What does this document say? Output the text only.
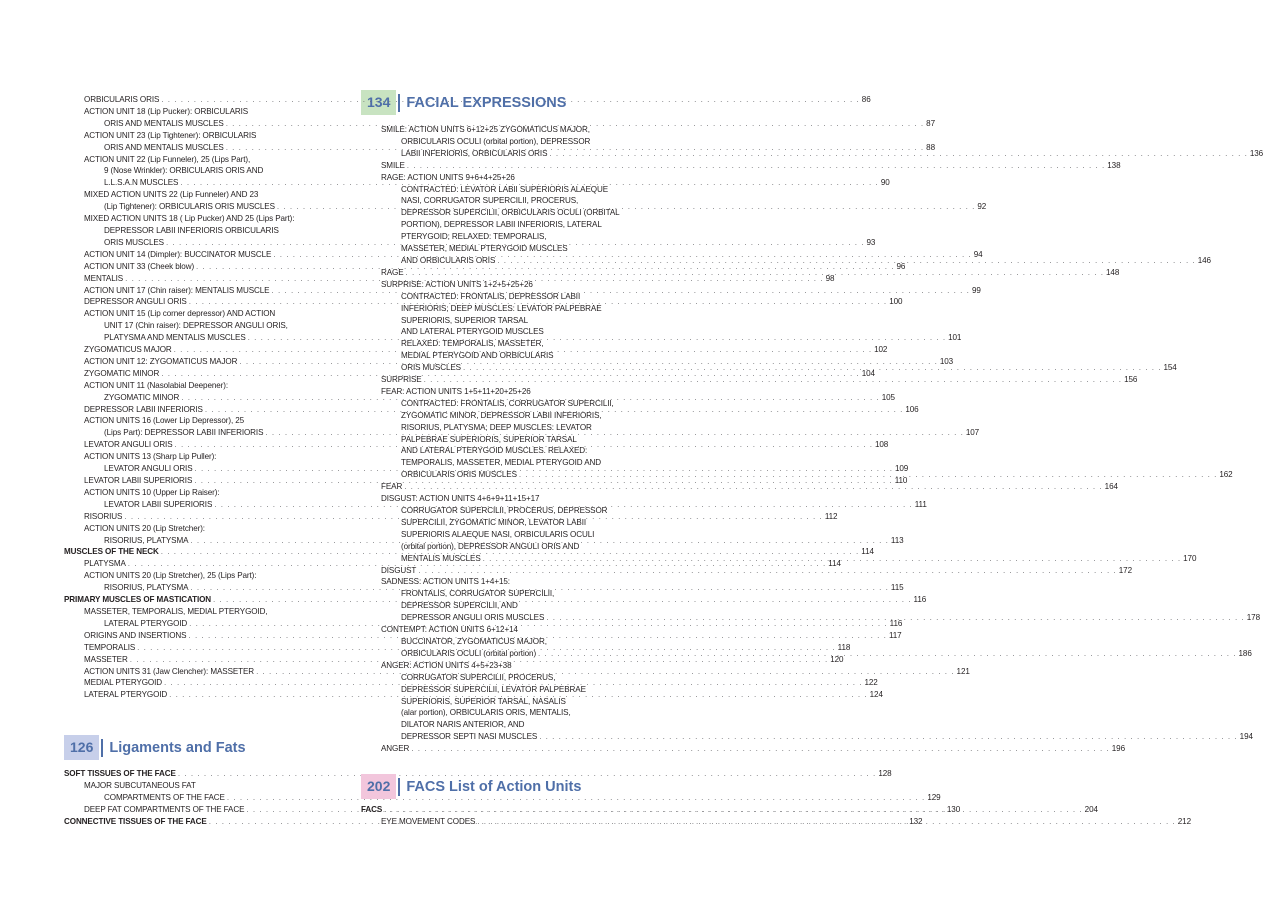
134	FACIAL EXPRESSIONS
ORBICULARIS ORIS . . .	86
ACTION UNIT 18 (Lip Pucker): ORBICULARIS
ORIS AND MENTALIS MUSCLES . . .	87
ACTION UNIT 23 (Lip Tightener): ORBICULARIS
ORIS AND MENTALIS MUSCLES . . .	88
ACTION UNIT 22 (Lip Funneler), 25 (Lips Part),
9 (Nose Wrinkler): ORBICULARIS ORIS AND
L.L.S.A.N MUSCLES . . .	90
MIXED ACTION UNITS 22 (Lip Funneler) AND 23
(Lip Tightener): ORBICULARIS ORIS MUSCLES . . .	92
MIXED ACTION UNITS 18 ( Lip Pucker) AND 25 (Lips Part):
DEPRESSOR LABII INFERIORIS ORBICULARIS
ORIS MUSCLES . . .	93
ACTION UNIT 14 (Dimpler): BUCCINATOR MUSCLE . . .	94
ACTION UNIT 33 (Cheek blow) . . .	96
MENTALIS . . .	98
ACTION UNIT 17 (Chin raiser): MENTALIS MUSCLE . . .	99
DEPRESSOR ANGULI ORIS . . .	100
ACTION UNIT 15 (Lip corner depressor) AND ACTION
UNIT 17 (Chin raiser): DEPRESSOR ANGULI ORIS,
PLATYSMA AND MENTALIS MUSCLES . . .	101
ZYGOMATICUS MAJOR . . .	102
ACTION UNIT 12: ZYGOMATICUS MAJOR . . .	103
ZYGOMATIC MINOR . . .	104
ACTION UNIT 11 (Nasolabial Deepener):
ZYGOMATIC MINOR . . .	105
DEPRESSOR LABII INFERIORIS . . .	106
ACTION UNITS 16 (Lower Lip Depressor), 25
(Lips Part): DEPRESSOR LABII INFERIORIS . . .	107
LEVATOR ANGULI ORIS . . .	108
ACTION UNITS 13 (Sharp Lip Puller):
LEVATOR ANGULI ORIS . . .	109
LEVATOR LABII SUPERIORIS . . .	110
ACTION UNITS 10 (Upper Lip Raiser):
LEVATOR LABII SUPERIORIS . . .	111
RISORIUS . . .	112
ACTION UNITS 20 (Lip Stretcher):
RISORIUS, PLATYSMA . . .	113
MUSCLES OF THE NECK . . .	114
PLATYSMA . . .	114
ACTION UNITS 20 (Lip Stretcher), 25 (Lips Part):
RISORIUS, PLATYSMA . . .	115
PRIMARY MUSCLES OF MASTICATION . . .	116
MASSETER, TEMPORALIS, MEDIAL PTERYGOID,
LATERAL PTERYGOID . . .	116
ORIGINS AND INSERTIONS . . .	117
TEMPORALIS . . .	118
MASSETER . . .	120
ACTION UNITS 31 (Jaw Clencher): MASSETER . . .	121
MEDIAL PTERYGOID . . .	122
LATERAL PTERYGOID . . .	124
126	Ligaments and Fats
SOFT TISSUES OF THE FACE . . .	128
MAJOR SUBCUTANEOUS FAT
COMPARTMENTS OF THE FACE . . .	129
DEEP FAT COMPARTMENTS OF THE FACE . . .	130
CONNECTIVE TISSUES OF THE FACE . . .	132
SMILE: ACTION UNITS 6+12+25 ZYGOMATICUS MAJOR,
ORBICULARIS OCULI (orbital portion), DEPRESSOR
LABII INFERIORIS, ORBICULARIS ORIS . . .	136
SMILE . . .	138
RAGE: ACTION UNITS 9+6+4+25+26
CONTRACTED: LEVATOR LABII SUPERIORIS ALAEQUE
NASI, CORRUGATOR SUPERCILII, PROCERUS,
DEPRESSOR SUPERCILII, ORBICULARIS OCULI (ORBITAL
PORTION), DEPRESSOR LABII INFERIORIS, LATERAL
PTERYGOID; RELAXED: TEMPORALIS,
MASSETER, MEDIAL PTERYGOID MUSCLES
AND ORBICULARIS ORIS . . .	146
RAGE . . .	148
SURPRISE: ACTION UNITS 1+2+5+25+26
CONTRACTED: FRONTALIS, DEPRESSOR LABII
INFERIORIS; DEEP MUSCLES: LEVATOR PALPEBRAE
SUPERIORIS, SUPERIOR TARSAL
AND LATERAL PTERYGOID MUSCLES
RELAXED: TEMPORALIS, MASSETER,
MEDIAL PTERYGOID AND ORBICULARIS
ORIS MUSCLES . . .	154
SURPRISE . . .	156
FEAR: ACTION UNITS 1+5+11+20+25+26
CONTRACTED: FRONTALIS, CORRUGATOR SUPERCILII,
ZYGOMATIC MINOR, DEPRESSOR LABII INFERIORIS,
RISORIUS, PLATYSMA; DEEP MUSCLES: LEVATOR
PALPEBRAE SUPERIORIS, SUPERIOR TARSAL
AND LATERAL PTERYGOID MUSCLES. RELAXED:
TEMPORALIS, MASSETER, MEDIAL PTERYGOID AND
ORBICULARIS ORIS MUSCLES . . .	162
FEAR . . .	164
DISGUST: ACTION UNITS 4+6+9+11+15+17
CORRUGATOR SUPERCILII, PROCERUS, DEPRESSOR
SUPERCILII, ZYGOMATIC MINOR, LEVATOR LABII
SUPERIORIS ALAEQUE NASI, ORBICULARIS OCULI
(orbital portion), DEPRESSOR ANGULI ORIS AND
MENTALIS MUSCLES . . .	170
DISGUST . . .	172
SADNESS: ACTION UNITS 1+4+15:
FRONTALIS, CORRUGATOR SUPERCILII,
DEPRESSOR SUPERCILII, AND
DEPRESSOR ANGULI ORIS MUSCLES . . .	178
CONTEMPT: ACTION UNITS 6+12+14
BUCCINATOR, ZYGOMATICUS MAJOR,
ORBICULARIS OCULI (orbital portion) . . .	186
ANGER: ACTION UNITS 4+5+23+38
CORRUGATOR SUPERCILII, PROCERUS,
DEPRESSOR SUPERCILII, LEVATOR PALPEBRAE
SUPERIORIS, SUPERIOR TARSAL, NASALIS
(alar portion), ORBICULARIS ORIS, MENTALIS,
DILATOR NARIS ANTERIOR, AND
DEPRESSOR SEPTI NASI MUSCLES . . .	194
ANGER . . .	196
202	FACS List of Action Units
FACS . . .	204
EYE MOVEMENT CODES . . .	212
